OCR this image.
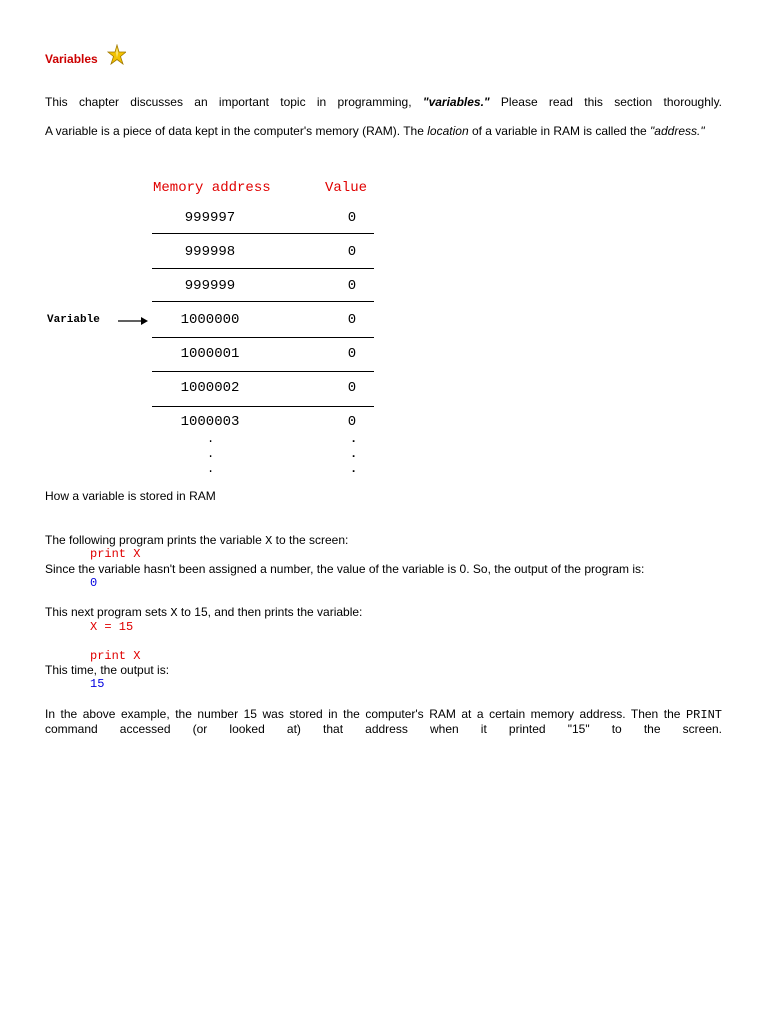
Variables
This chapter discusses an important topic in programming, "variables." Please read this section thoroughly.
A variable is a piece of data kept in the computer's memory (RAM). The location of a variable in RAM is called the "address."
Memory address	Value
999997	0
999998	0
999999	0
1000000	0
1000001	0
1000002	0
1000003	0
.
.
.
.
.
.
Variable
How a variable is stored in RAM
The following program prints the variable X to the screen:
print X
Since the variable hasn't been assigned a number, the value of the variable is 0. So, the output of the program is:
0
This next program sets X to 15, and then prints the variable:
X = 15
print X
This time, the output is:
15
In the above example, the number 15 was stored in the computer's RAM at a certain memory address. Then the PRINT command accessed (or looked at) that address when it printed "15" to the screen.
